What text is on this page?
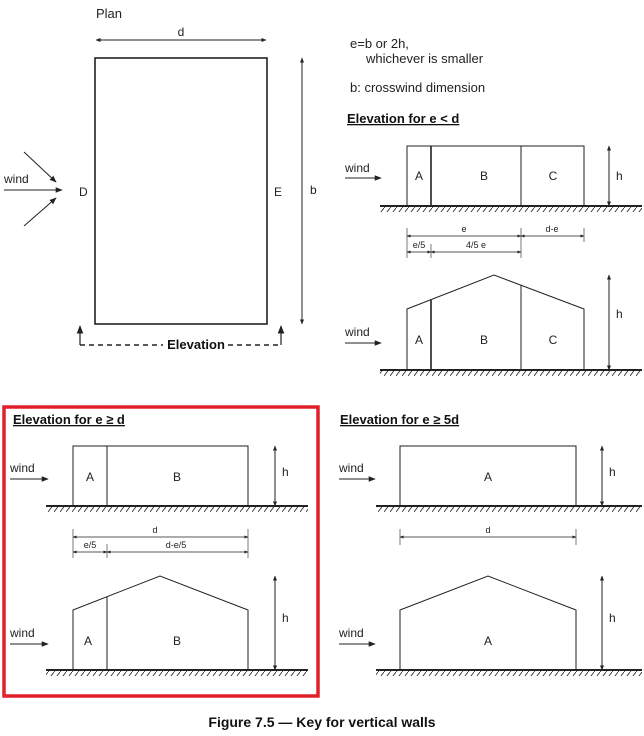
Plan
d
b
D	E
wind
Elevation
e=b or 2h,
whichever is smaller
b: crosswind dimension
Elevation for e < d
wind
A	B	C	h
e	d-e
e/5	4/5 e
wind
A	B	C
h
Elevation for e ≥ d
wind
A	B	h
d
e/5	d-e/5
wind
A	B
h
Elevation for e ≥ 5d
wind
A	h
d
wind
A
h
Figure 7.5 — Key for vertical walls
